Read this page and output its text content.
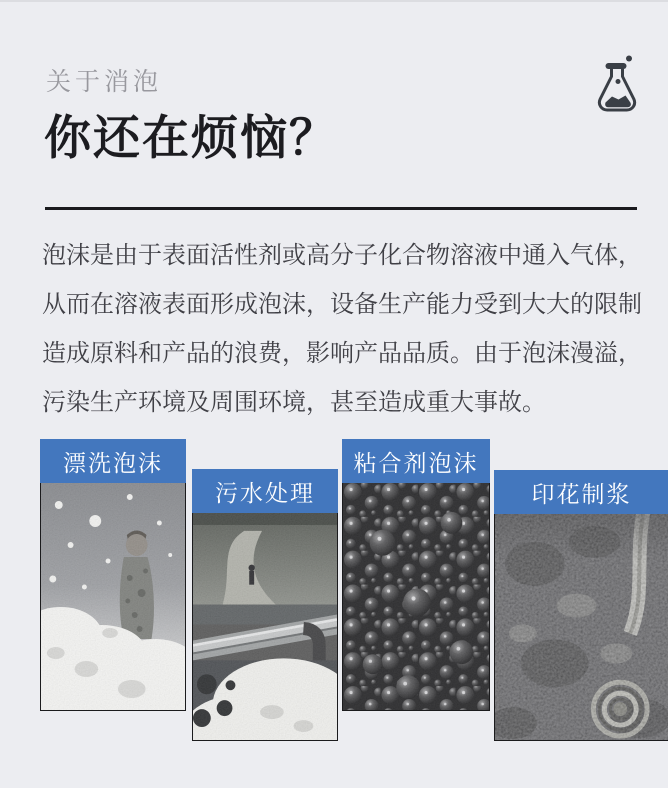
关于消泡
你还在烦恼？
泡沫是由于表面活性剂或高分子化合物溶液中通入气体，
从而在溶液表面形成泡沫，设备生产能力受到大大的限制
造成原料和产品的浪费，影响产品品质。由于泡沫漫溢，
污染生产环境及周围环境，甚至造成重大事故。
漂洗泡沫
污水处理
粘合剂泡沫
印花制浆
